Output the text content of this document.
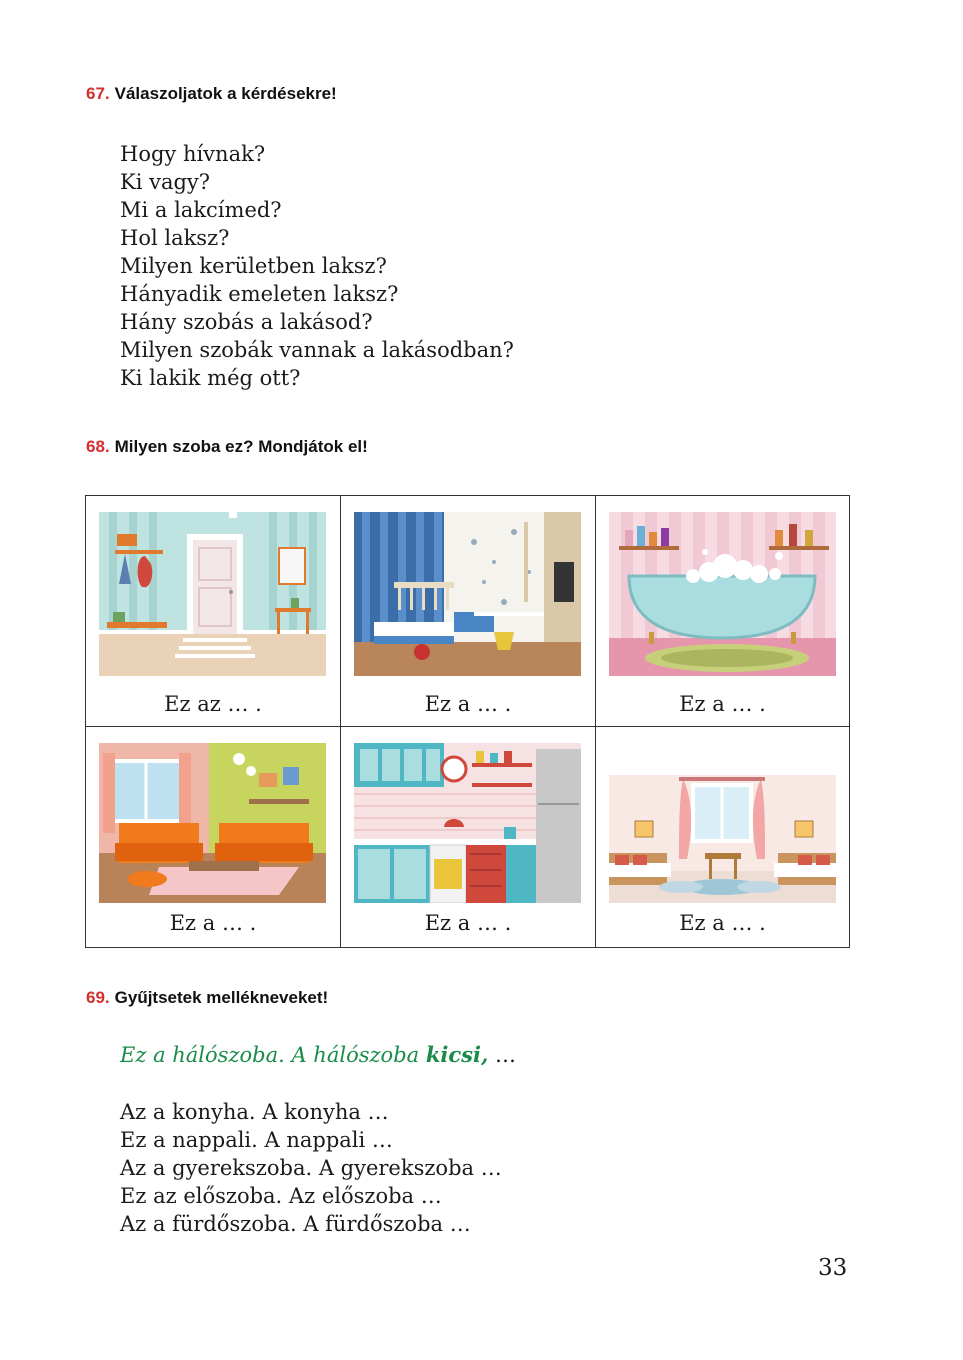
67. Válaszoljatok a kérdésekre!
Hogy hívnak?
Ki vagy?
Mi a lakcímed?
Hol laksz?
Milyen kerületben laksz?
Hányadik emeleten laksz?
Hány szobás a lakásod?
Milyen szobák vannak a lakásodban?
Ki lakik még ott?
68. Milyen szoba ez? Mondjátok el!
Ez az … .	Ez a … .	Ez a … .
Ez a … .	Ez a … .	Ez a … .
69. Gyűjtsetek mellékneveket!
Ez a hálószoba. A hálószoba kicsi, …
Az a konyha. A konyha …
Ez a nappali. A nappali …
Az a gyerekszoba. A gyerekszoba …
Ez az előszoba. Az előszoba …
Az a fürdőszoba. A fürdőszoba …
33
